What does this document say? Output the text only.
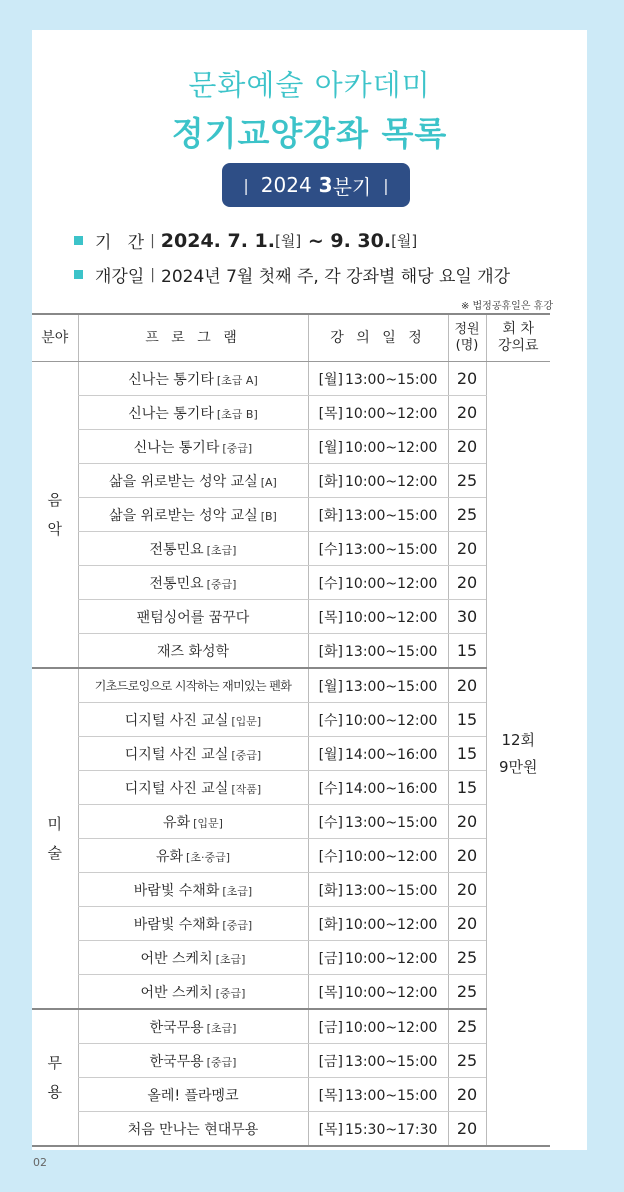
문화예술 아카데미
정기교양강좌 목록
| 2024 3 분기 |
기   간 | 2024. 7. 1. [월] ~ 9. 30. [월]
개강일 | 2024년 7월 첫째 주, 각 강좌별 해당 요일 개강
※ 법정공휴일은 휴강
분야	프 로 그 램	강 의 일 정	정원 (명)	회 차 강의료
음 악	신나는 통기타 [초급 A]	[월] 13:00~15:00	20	12회
9만원

	신나는 통기타 [초급 B]	[목] 10:00~12:00	20	
	신나는 통기타 [중급]	[월] 10:00~12:00	20	
	삶을 위로받는 성악 교실 [A]	[화] 10:00~12:00	25	
	삶을 위로받는 성악 교실 [B]	[화] 13:00~15:00	25	
	전통민요 [초급]	[수] 13:00~15:00	20	
	전통민요 [중급]	[수] 10:00~12:00	20	
	팬텀싱어를 꿈꾸다	[목] 10:00~12:00	30	
	재즈 화성학	[화] 13:00~15:00	15	
미 술	기초드로잉으로 시작하는 재미있는 펜화	[월] 13:00~15:00	20	
	디지털 사진 교실 [입문]	[수] 10:00~12:00	15	
	디지털 사진 교실 [중급]	[월] 14:00~16:00	15	
	디지털 사진 교실 [작품]	[수] 14:00~16:00	15	
	유화 [입문]	[수] 13:00~15:00	20	
	유화 [초·중급]	[수] 10:00~12:00	20	
	바람빛 수채화 [초급]	[화] 13:00~15:00	20	
	바람빛 수채화 [중급]	[화] 10:00~12:00	20	
	어반 스케치 [초급]	[금] 10:00~12:00	25	
	어반 스케치 [중급]	[목] 10:00~12:00	25	
무 용	한국무용 [초급]	[금] 10:00~12:00	25	
	한국무용 [중급]	[금] 13:00~15:00	25	
	올레! 플라멩코	[목] 13:00~15:00	20	
	처음 만나는 현대무용	[목] 15:30~17:30	20	
02
